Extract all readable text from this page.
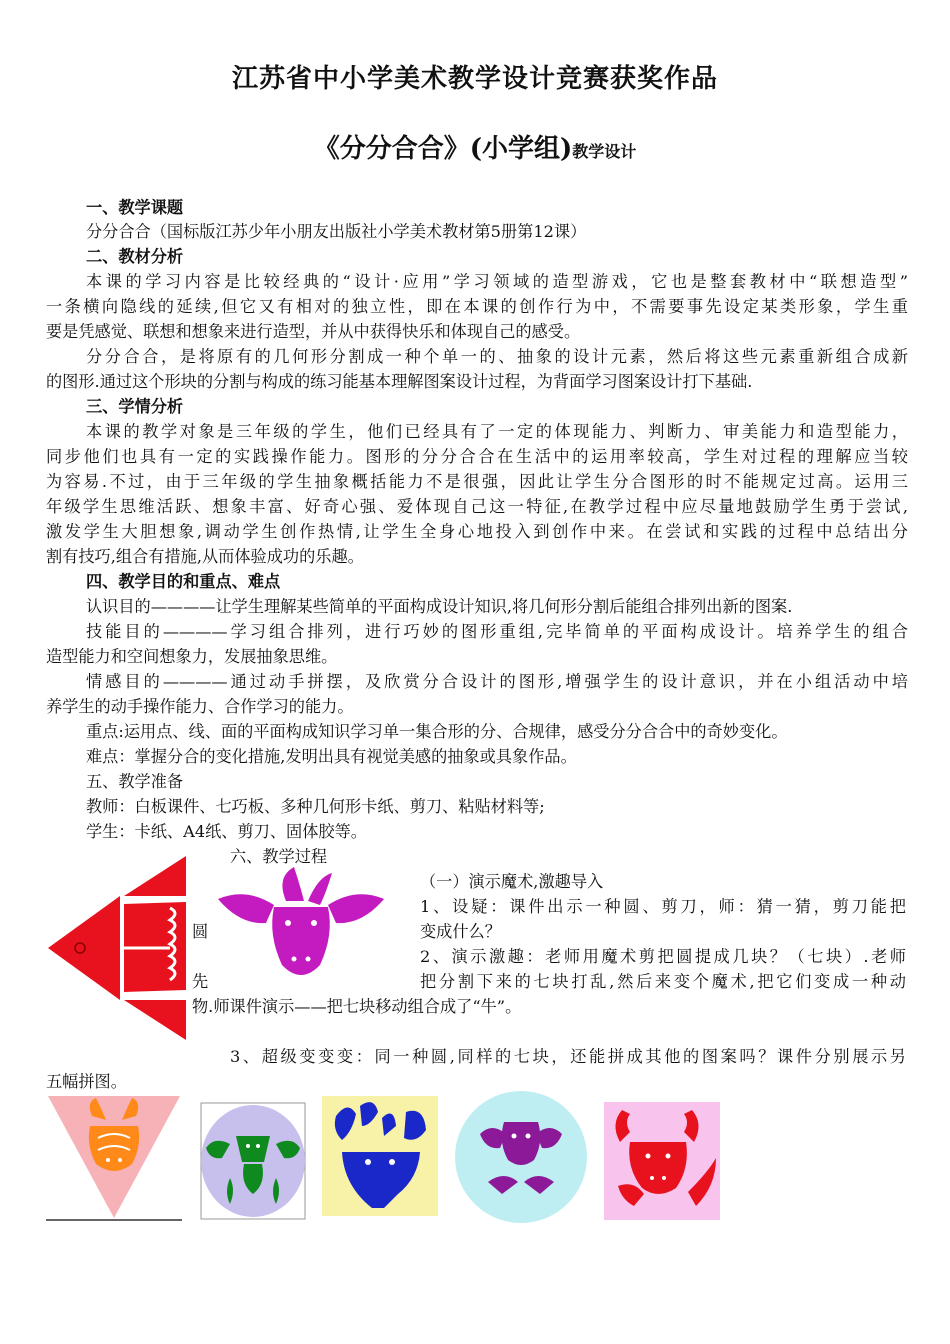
江苏省中小学美术教学设计竞赛获奖作品
《分分合合》(小学组)教学设计
一、教学课题
分分合合（国标版江苏少年小朋友出版社小学美术教材第5册第12课）
二、教材分析
本课的学习内容是比较经典的“设计·应用”学习领域的造型游戏，它也是整套教材中“联想造型”
一条横向隐线的延续,但它又有相对的独立性，即在本课的创作行为中，不需要事先设定某类形象，学生重
要是凭感觉、联想和想象来进行造型，并从中获得快乐和体现自己的感受。
分分合合，是将原有的几何形分割成一种个单一的、抽象的设计元素，然后将这些元素重新组合成新
的图形.通过这个形块的分割与构成的练习能基本理解图案设计过程，为背面学习图案设计打下基础.
三、学情分析
本课的教学对象是三年级的学生，他们已经具有了一定的体现能力、判断力、审美能力和造型能力，
同步他们也具有一定的实践操作能力。图形的分分合合在生活中的运用率较高，学生对过程的理解应当较
为容易.不过，由于三年级的学生抽象概括能力不是很强，因此让学生分合图形的时不能规定过高。运用三
年级学生思维活跃、想象丰富、好奇心强、爱体现自己这一特征,在教学过程中应尽量地鼓励学生勇于尝试,
激发学生大胆想象,调动学生创作热情,让学生全身心地投入到创作中来。在尝试和实践的过程中总结出分
割有技巧,组合有措施,从而体验成功的乐趣。
四、教学目的和重点、难点
认识目的————让学生理解某些简单的平面构成设计知识,将几何形分割后能组合排列出新的图案.
技能目的————学习组合排列，进行巧妙的图形重组,完毕简单的平面构成设计。培养学生的组合
造型能力和空间想象力，发展抽象思维。
情感目的————通过动手拼摆，及欣赏分合设计的图形,增强学生的设计意识，并在小组活动中培
养学生的动手操作能力、合作学习的能力。
重点:运用点、线、面的平面构成知识学习单一集合形的分、合规律，感受分分合合中的奇妙变化。
难点：掌握分合的变化措施,发明出具有视觉美感的抽象或具象作品。
五、教学准备
教师：白板课件、七巧板、多种几何形卡纸、剪刀、粘贴材料等;
学生：卡纸、A4纸、剪刀、固体胶等。
六、教学过程
（一）演示魔术,激趣导入
1、设疑：课件出示一种圆、剪刀，师：猜一猜，剪刀能把
圆	变成什么？
2、演示激趣：老师用魔术剪把圆提成几块？（七块）.老师
先	把分割下来的七块打乱,然后来变个魔术,把它们变成一种动
物.师课件演示——把七块移动组合成了“牛”。
3、超级变变变：同一种圆,同样的七块，还能拼成其他的图案吗？课件分别展示另
五幅拼图。
